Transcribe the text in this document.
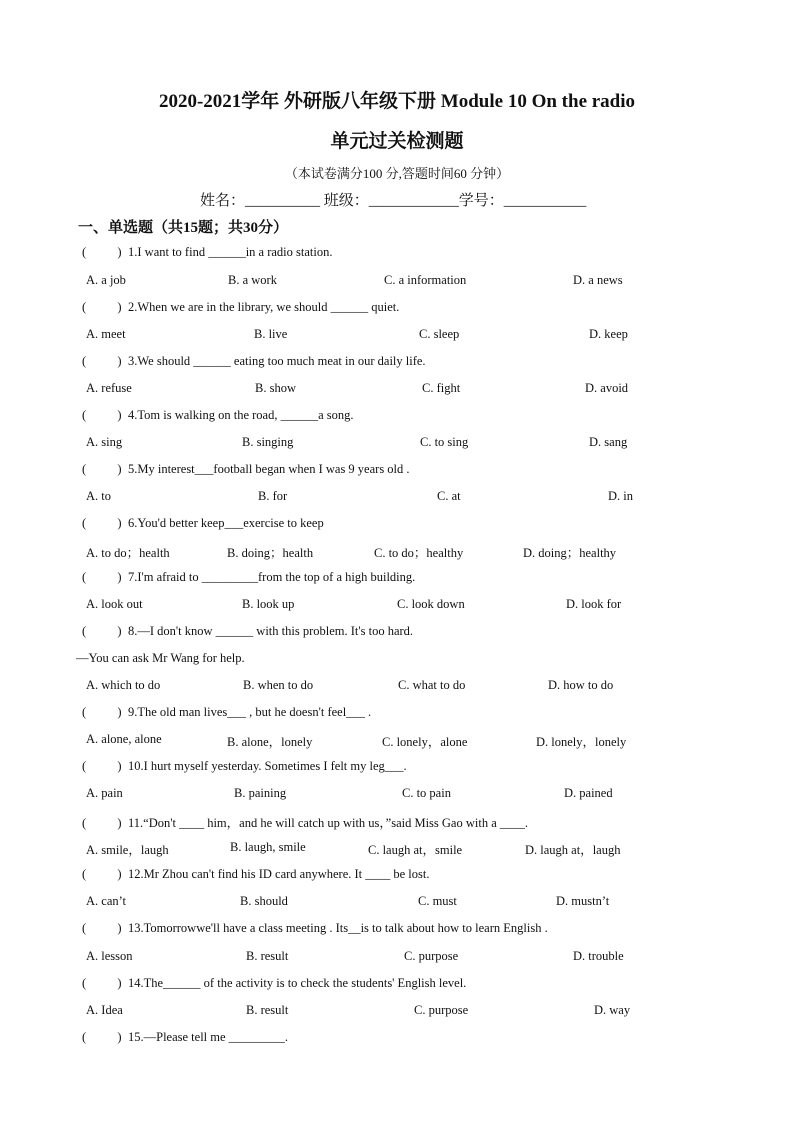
2020-2021学年 外研版八年级下册 Module 10 On the radio
单元过关检测题
（本试卷满分100 分,答题时间60 分钟）
姓名：__________ 班级：____________学号：___________
一、单选题（共15题；共30分）
(          ) 1.I want to find ______in a radio station.
A. a job	B. a work	C. a information	D. a news
(          ) 2.When we are in the library, we should ______ quiet.
A. meet	B. live	C. sleep	D. keep
(          ) 3.We should ______ eating too much meat in our daily life.
A. refuse	B. show	C. fight	D. avoid
(          ) 4.Tom is walking on the road, ______a song.
A. sing	B. singing	C. to sing	D. sang
(          ) 5.My interest___football began when I was 9 years old .
A. to	B. for	C. at	D. in
(          ) 6.You'd better keep___exercise to keep
A. to do；health	B. doing；health	C. to do；healthy	D. doing；healthy
(          ) 7.I'm afraid to _________from the top of a high building.
A. look out	B. look up	C. look down	D. look for
(          ) 8.—I don't know ______ with this problem. It's too hard.
—You can ask Mr Wang for help.
A. which to do	B. when to do	C. what to do	D. how to do
(          ) 9.The old man lives___ , but he doesn't feel___ .
A. alone, alone	B. alone，lonely	C. lonely，alone	D. lonely，lonely
(          ) 10.I hurt myself yesterday. Sometimes I felt my leg___.
A. pain	B. paining	C. to pain	D. pained
(          ) 11.“Don't ____ him，and he will catch up with us，”said Miss Gao with a ____.
A. smile，laugh	B. laugh, smile	C. laugh at，smile	D. laugh at，laugh
(          ) 12.Mr Zhou can't find his ID card anywhere. It ____ be lost.
A. can’t	B. should	C. must	D. mustn’t
(          ) 13.Tomorrowwe'll have a class meeting . Its__is to talk about how to learn English .
A. lesson	B. result	C. purpose	D. trouble
(          ) 14.The______ of the activity is to check the students' English level.
A. Idea	B. result	C. purpose	D. way
(          ) 15.—Please tell me _________.
